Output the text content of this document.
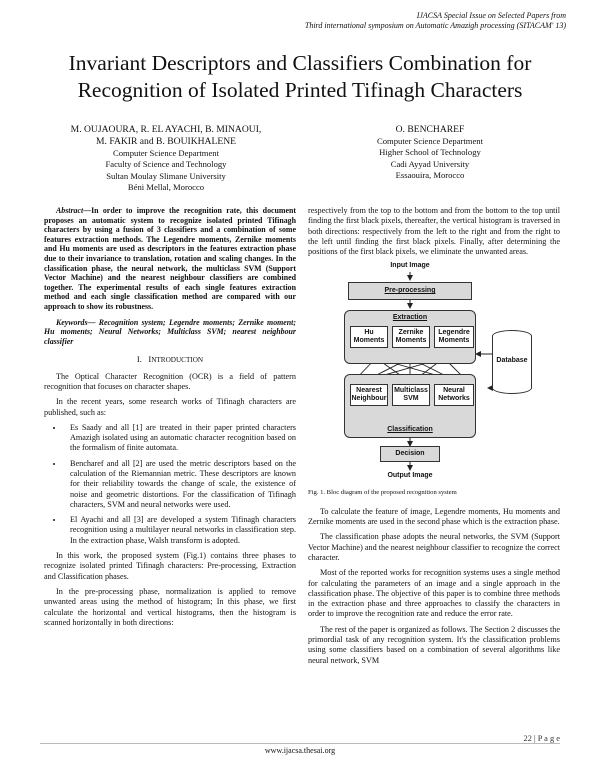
IJACSA Special Issue on Selected Papers from
Third international symposium on Automatic Amazigh processing (SITACAM' 13)
Invariant Descriptors and Classifiers Combination for
Recognition of Isolated Printed Tifinagh Characters
M. OUJAOURA, R. EL AYACHI, B. MINAOUI,
M. FAKIR and B. BOUIKHALENE
Computer Science Department
Faculty of Science and Technology
Sultan Moulay Slimane University
Béni Mellal, Morocco
O. BENCHAREF
Computer Science Department
Higher School of Technology
Cadi Ayyad University
Essaouira, Morocco

Abstract—In order to improve the recognition rate, this document proposes an automatic system to recognize isolated printed Tifinagh characters by using a fusion of 3 classifiers and a combination of some features extraction methods. The Legendre moments, Zernike moments and Hu moments are used as descriptors in the features extraction phase due to their invariance to translation, rotation and scaling changes. In the classification phase, the neural network, the multiclass SVM (Support Vector Machine) and the nearest neighbour classifiers are combined together. The experimental results of each single features extraction method and each single classification method are compared with our approach to show its robustness.

Keywords— Recognition system; Legendre moments; Zernike moment; Hu moments; Neural Networks; Multiclass SVM; nearest neighbour classifier

I. INTRODUCTION

The Optical Character Recognition (OCR) is a field of pattern recognition that focuses on character shapes.

In the recent years, some research works of Tifinagh characters are published, such as:

• Es Saady and all [1] are treated in their paper printed characters Amazigh isolated using an automatic character recognition based on the formalism of finite automata.
• Bencharef and all [2] are used the metric descriptors based on the calculation of the Riemannian metric. These descriptors are known for their reliability towards the change of scale, the existence of noise and geometric distortions. For the classification of Tifinagh characters, SVM and neural networks were used.
• El Ayachi and all [3] are developed a system Tifinagh characters recognition using a multilayer neural networks in classification step. In the extraction phase, Walsh transform is adopted.

In this work, the proposed system (Fig.1) contains three phases to recognize isolated printed Tifinagh characters: Pre-processing, Extraction and Classification phases.

In the pre-processing phase, normalization is applied to remove unwanted areas using the method of histogram; In this phase, we first calculate the horizontal and vertical histograms, then the histogram is scanned horizontally in both directions:

respectively from the top to the bottom and from the bottom to the top until finding the first black pixels, thereafter, the vertical histogram is traversed in both directions: respectively from the left to the right and from the right to the left until finding the first black pixels. Finally, after determining the positions of the first black pixels, we eliminate the unwanted areas.

Input Image
Pre-processing
Extraction
Hu
Moments
Zernike
Moments
Legendre
Moments
Database
Classification
Nearest
Neighbour
Multiclass
SVM
Neural
Networks
Decision
Output Image
Fig. 1. Bloc diagram of the proposed recognition system

To calculate the feature of image, Legendre moments, Hu moments and Zernike moments are used in the second phase which is the extraction phase.

The classification phase adopts the neural networks, the SVM (Support Vector Machine) and the nearest neighbour classifier to recognize the correct character.

Most of the reported works for recognition systems uses a single method for calculating the parameters of an image and a single approach in the classification phase. The objective of this paper is to combine three methods in the extraction phase and three approaches to classify the characters in order to improve the recognition rate and reduce the error rate.

The rest of the paper is organized as follows. The Section 2 discusses the primordial task of any recognition system. It's the classification problems using some classifiers based on a combination of several algorithms like neural network, SVM

22 | P a g e
www.ijacsa.thesai.org
